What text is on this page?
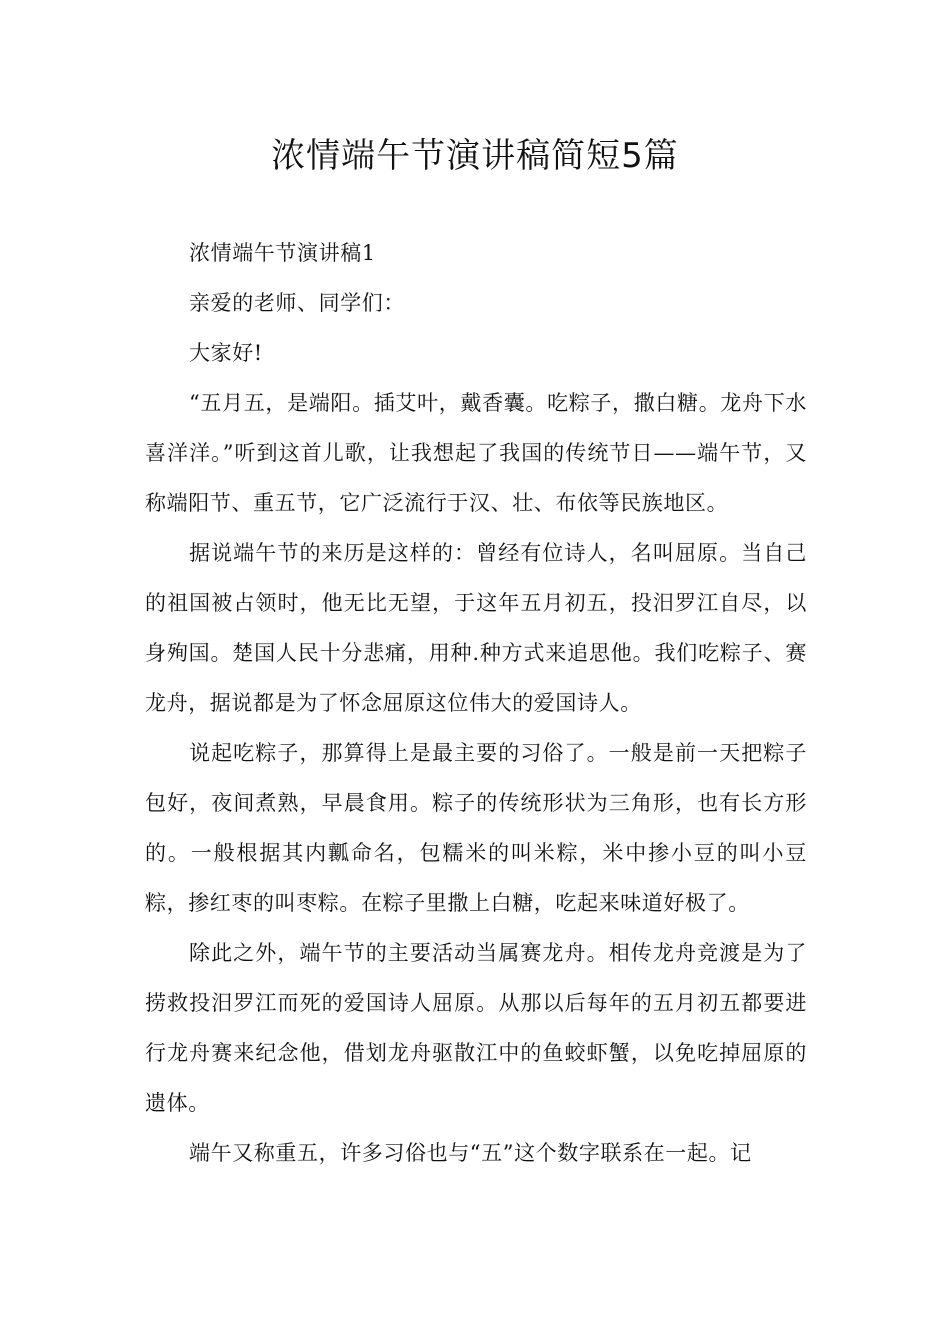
浓情端午节演讲稿简短5篇

浓情端午节演讲稿1

亲爱的老师、同学们：

大家好!

“五月五，是端阳。插艾叶，戴香囊。吃粽子，撒白糖。龙舟下水喜洋洋。”听到这首儿歌，让我想起了我国的传统节日——端午节，又称端阳节、重五节，它广泛流行于汉、壮、布依等民族地区。

据说端午节的来历是这样的：曾经有位诗人，名叫屈原。当自己的祖国被占领时，他无比无望，于这年五月初五，投汨罗江自尽，以身殉国。楚国人民十分悲痛，用种.种方式来追思他。我们吃粽子、赛龙舟，据说都是为了怀念屈原这位伟大的爱国诗人。

说起吃粽子，那算得上是最主要的习俗了。一般是前一天把粽子包好，夜间煮熟，早晨食用。粽子的传统形状为三角形，也有长方形的。一般根据其内瓤命名，包糯米的叫米粽，米中掺小豆的叫小豆粽，掺红枣的叫枣粽。在粽子里撒上白糖，吃起来味道好极了。

除此之外，端午节的主要活动当属赛龙舟。相传龙舟竞渡是为了捞救投汨罗江而死的爱国诗人屈原。从那以后每年的五月初五都要进行龙舟赛来纪念他，借划龙舟驱散江中的鱼蛟虾蟹，以免吃掉屈原的遗体。

端午又称重五，许多习俗也与“五”这个数字联系在一起。记
